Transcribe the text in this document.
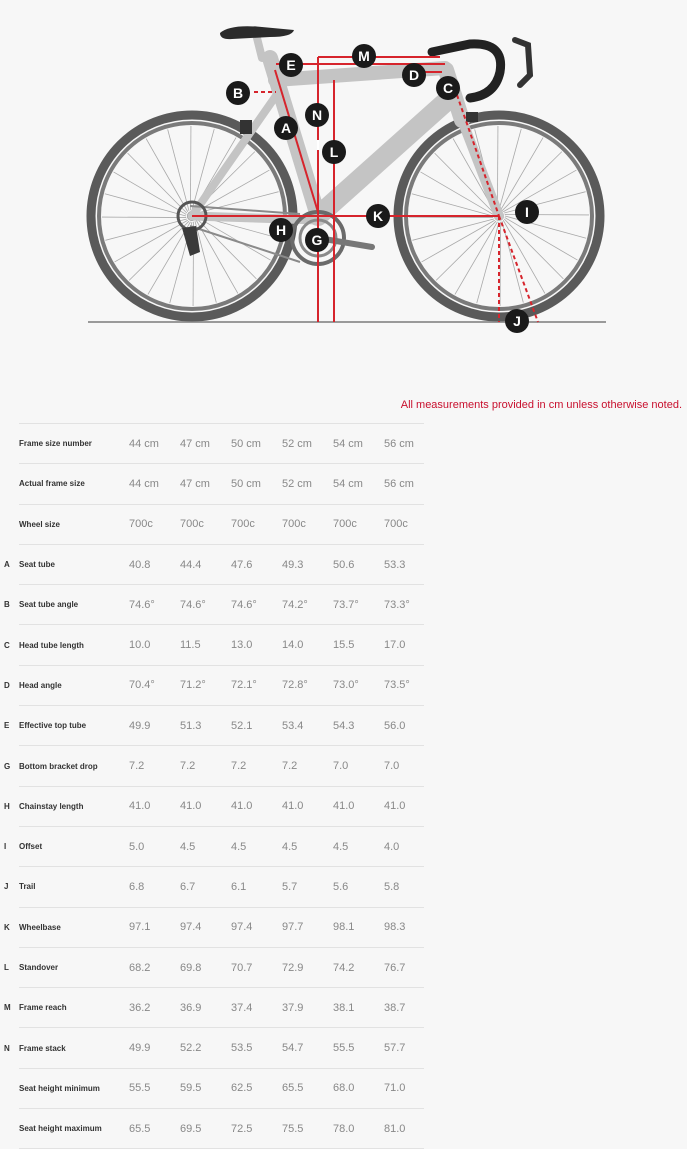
A
B	C
D
E
G
H
I
J
K
L
M
N
All measurements provided in cm unless otherwise noted.
	Frame size number	44 cm	47 cm	50 cm	52 cm	54 cm	56 cm
	Actual frame size	44 cm	47 cm	50 cm	52 cm	54 cm	56 cm
	Wheel size	700c	700c	700c	700c	700c	700c
A	Seat tube	40.8	44.4	47.6	49.3	50.6	53.3
B	Seat tube angle	74.6°	74.6°	74.6°	74.2°	73.7°	73.3°
C	Head tube length	10.0	11.5	13.0	14.0	15.5	17.0
D	Head angle	70.4°	71.2°	72.1°	72.8°	73.0°	73.5°
E	Effective top tube	49.9	51.3	52.1	53.4	54.3	56.0
G	Bottom bracket drop	7.2	7.2	7.2	7.2	7.0	7.0
H	Chainstay length	41.0	41.0	41.0	41.0	41.0	41.0
I	Offset	5.0	4.5	4.5	4.5	4.5	4.0
J	Trail	6.8	6.7	6.1	5.7	5.6	5.8
K	Wheelbase	97.1	97.4	97.4	97.7	98.1	98.3
L	Standover	68.2	69.8	70.7	72.9	74.2	76.7
M	Frame reach	36.2	36.9	37.4	37.9	38.1	38.7
N	Frame stack	49.9	52.2	53.5	54.7	55.5	57.7
	Seat height minimum	55.5	59.5	62.5	65.5	68.0	71.0
	Seat height maximum	65.5	69.5	72.5	75.5	78.0	81.0
